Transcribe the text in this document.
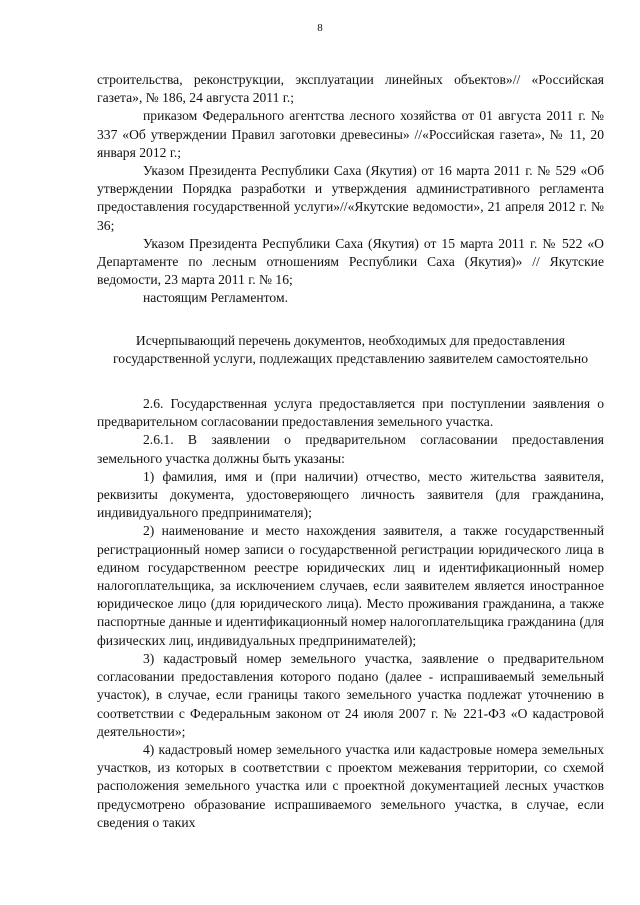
8

строительства, реконструкции, эксплуатации линейных объектов»// «Российская газета», № 186, 24 августа 2011 г.;

приказом Федерального агентства лесного хозяйства от 01 августа 2011 г. № 337 «Об утверждении Правил заготовки древесины» //«Российская газета», № 11, 20 января 2012 г.;

Указом Президента Республики Саха (Якутия) от 16 марта 2011 г. № 529 «Об утверждении Порядка разработки и утверждения административного регламента предоставления государственной услуги»//«Якутские ведомости», 21 апреля 2012 г. № 36;

Указом Президента Республики Саха (Якутия) от 15 марта 2011 г. № 522 «О Департаменте по лесным отношениям Республики Саха (Якутия)» // Якутские ведомости, 23 марта 2011 г. № 16;

настоящим Регламентом.

Исчерпывающий перечень документов, необходимых для предоставления государственной услуги, подлежащих представлению заявителем самостоятельно

2.6. Государственная услуга предоставляется при поступлении заявления о предварительном согласовании предоставления земельного участка.

2.6.1. В заявлении о предварительном согласовании предоставления земельного участка должны быть указаны:

1) фамилия, имя и (при наличии) отчество, место жительства заявителя, реквизиты документа, удостоверяющего личность заявителя (для гражданина, индивидуального предпринимателя);

2) наименование и место нахождения заявителя, а также государственный регистрационный номер записи о государственной регистрации юридического лица в едином государственном реестре юридических лиц и идентификационный номер налогоплательщика, за исключением случаев, если заявителем является иностранное юридическое лицо (для юридического лица). Место проживания гражданина, а также паспортные данные и идентификационный номер налогоплательщика гражданина (для физических лиц, индивидуальных предпринимателей);

3) кадастровый номер земельного участка, заявление о предварительном согласовании предоставления которого подано (далее - испрашиваемый земельный участок), в случае, если границы такого земельного участка подлежат уточнению в соответствии с Федеральным законом от 24 июля 2007 г. № 221-ФЗ «О кадастровой деятельности»;

4) кадастровый номер земельного участка или кадастровые номера земельных участков, из которых в соответствии с проектом межевания территории, со схемой расположения земельного участка или с проектной документацией лесных участков предусмотрено образование испрашиваемого земельного участка, в случае, если сведения о таких
